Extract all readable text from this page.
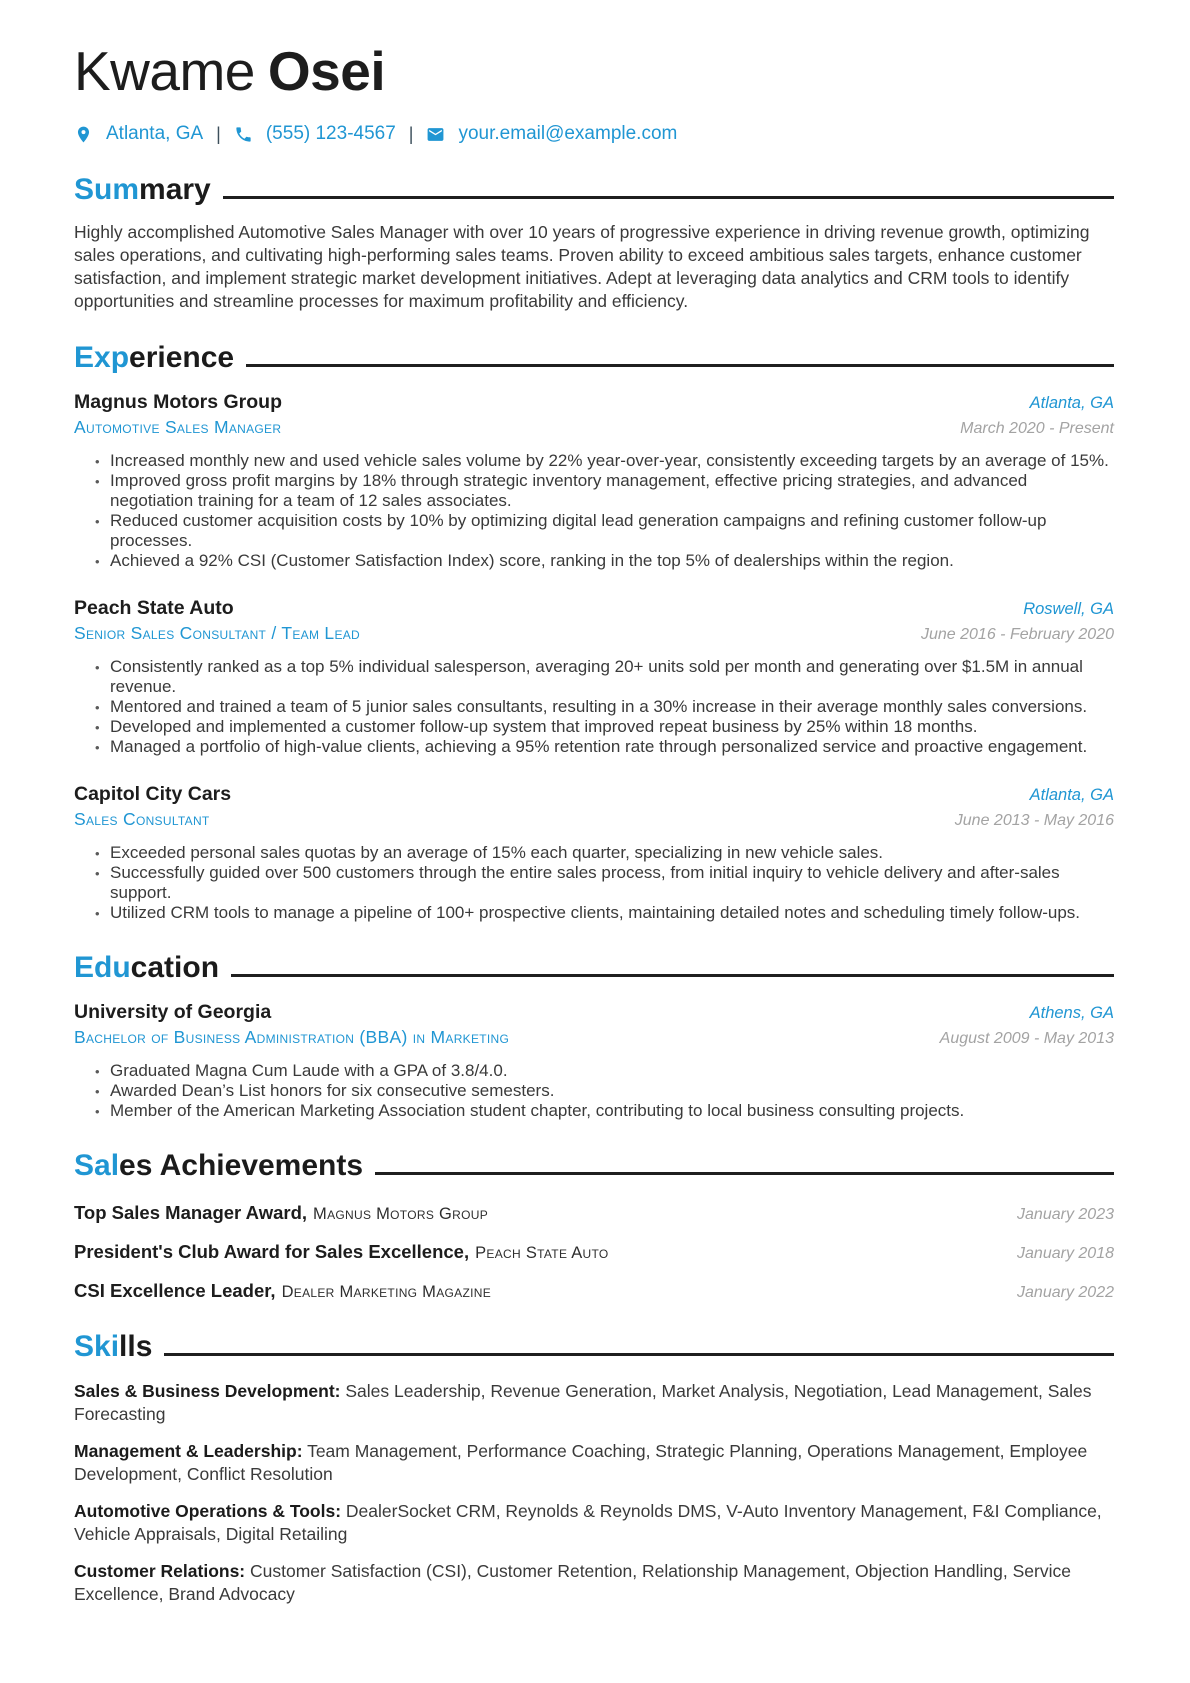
Kwame Osei
Atlanta, GA | (555) 123-4567 | your.email@example.com
Summary

Highly accomplished Automotive Sales Manager with over 10 years of progressive experience in driving revenue growth, optimizing sales operations, and cultivating high-performing sales teams. Proven ability to exceed ambitious sales targets, enhance customer satisfaction, and implement strategic market development initiatives. Adept at leveraging data analytics and CRM tools to identify opportunities and streamline processes for maximum profitability and efficiency.

Experience
Magnus Motors Group	Atlanta, GA
Automotive Sales Manager	March 2020 - Present
• Increased monthly new and used vehicle sales volume by 22% year-over-year, consistently exceeding targets by an average of 15%.
• Improved gross profit margins by 18% through strategic inventory management, effective pricing strategies, and advanced negotiation training for a team of 12 sales associates.
• Reduced customer acquisition costs by 10% by optimizing digital lead generation campaigns and refining customer follow-up processes.
• Achieved a 92% CSI (Customer Satisfaction Index) score, ranking in the top 5% of dealerships within the region.
Peach State Auto	Roswell, GA
Senior Sales Consultant / Team Lead	June 2016 - February 2020
• Consistently ranked as a top 5% individual salesperson, averaging 20+ units sold per month and generating over $1.5M in annual revenue.
• Mentored and trained a team of 5 junior sales consultants, resulting in a 30% increase in their average monthly sales conversions.
• Developed and implemented a customer follow-up system that improved repeat business by 25% within 18 months.
• Managed a portfolio of high-value clients, achieving a 95% retention rate through personalized service and proactive engagement.
Capitol City Cars	Atlanta, GA
Sales Consultant	June 2013 - May 2016
• Exceeded personal sales quotas by an average of 15% each quarter, specializing in new vehicle sales.
• Successfully guided over 500 customers through the entire sales process, from initial inquiry to vehicle delivery and after-sales support.
• Utilized CRM tools to manage a pipeline of 100+ prospective clients, maintaining detailed notes and scheduling timely follow-ups.
Education
University of Georgia	Athens, GA
Bachelor of Business Administration (BBA) in Marketing	August 2009 - May 2013
• Graduated Magna Cum Laude with a GPA of 3.8/4.0.
• Awarded Dean’s List honors for six consecutive semesters.
• Member of the American Marketing Association student chapter, contributing to local business consulting projects.
Sales Achievements
Top Sales Manager Award, Magnus Motors Group	January 2023
President's Club Award for Sales Excellence, Peach State Auto	January 2018
CSI Excellence Leader, Dealer Marketing Magazine	January 2022
Skills

Sales & Business Development: Sales Leadership, Revenue Generation, Market Analysis, Negotiation, Lead Management, Sales Forecasting

Management & Leadership: Team Management, Performance Coaching, Strategic Planning, Operations Management, Employee Development, Conflict Resolution

Automotive Operations & Tools: DealerSocket CRM, Reynolds & Reynolds DMS, V-Auto Inventory Management, F&I Compliance, Vehicle Appraisals, Digital Retailing

Customer Relations: Customer Satisfaction (CSI), Customer Retention, Relationship Management, Objection Handling, Service Excellence, Brand Advocacy
